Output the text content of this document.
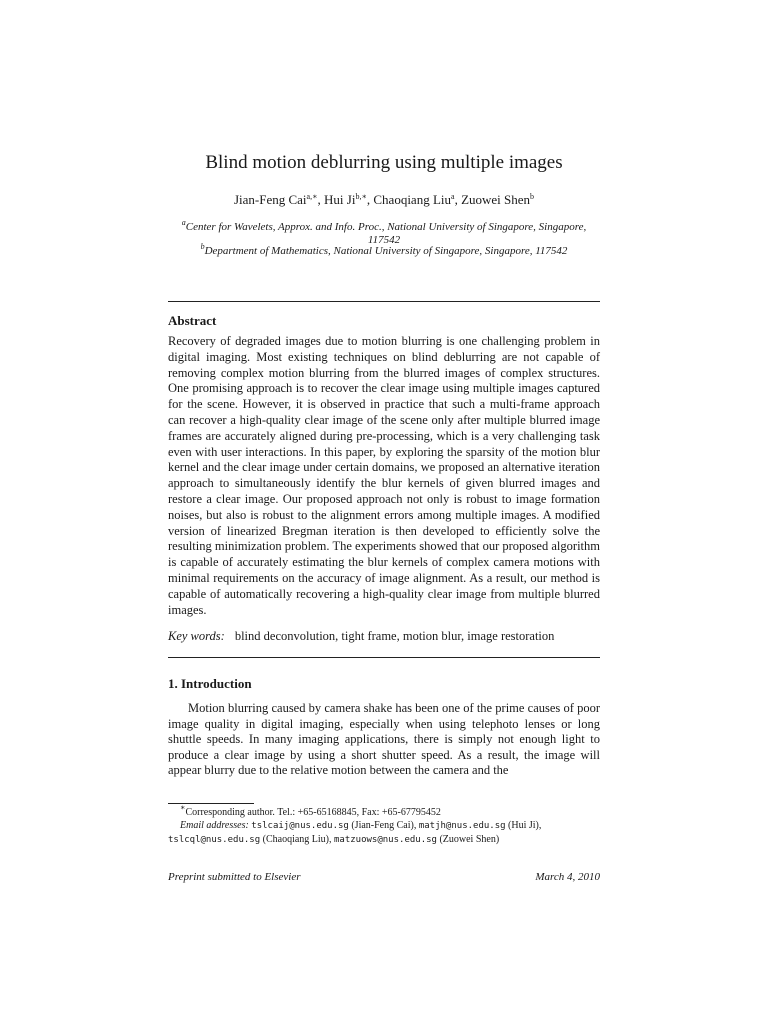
Blind motion deblurring using multiple images
Jian-Feng Cai$^{a,∗}$, Hui $Ji^{b,∗}$, Chaoqiang Liu$^a$, Zuowei Shen$^b$
$^a$Center for Wavelets, Approx. and Info. Proc., National University of Singapore, Singapore, 117542
$^b$Department of Mathematics, National University of Singapore, Singapore, 117542
Abstract

Recovery of degraded images due to motion blurring is one challenging problem in digital imaging. Most existing techniques on blind deblurring are not capable of removing complex motion blurring from the blurred images of complex structures. One promising approach is to recover the clear image using multiple images captured for the scene. However, it is observed in practice that such a multi-frame approach can recover a high-quality clear image of the scene only after multiple blurred image frames are accurately aligned during pre-processing, which is a very challenging task even with user interactions. In this paper, by exploring the sparsity of the motion blur kernel and the clear image under certain domains, we proposed an alternative iteration approach to simultaneously identify the blur kernels of given blurred images and restore a clear image. Our proposed approach not only is robust to image formation noises, but also is robust to the alignment errors among multiple images. A modified version of linearized Bregman iteration is then developed to efficiently solve the resulting minimization problem. The experiments showed that our proposed algorithm is capable of accurately estimating the blur kernels of complex camera motions with minimal requirements on the accuracy of image alignment. As a result, our method is capable of automatically recovering a high-quality clear image from multiple blurred images.

Key words: blind deconvolution, tight frame, motion blur, image restoration
1. Introduction

Motion blurring caused by camera shake has been one of the prime causes of poor image quality in digital imaging, especially when using telephoto lenses or long shuttle speeds. In many imaging applications, there is simply not enough light to produce a clear image by using a short shutter speed. As a result, the image will appear blurry due to the relative motion between the camera and the

∗Corresponding author. Tel.: +65-65168845, Fax: +65-67795452
Email addresses: tslcaij@nus.edu.sg (Jian-Feng Cai), matjh@nus.edu.sg (Hui Ji), tslcql@nus.edu.sg (Chaoqiang Liu), matzuows@nus.edu.sg (Zuowei Shen)
Preprint submitted to Elsevier	March 4, 2010
